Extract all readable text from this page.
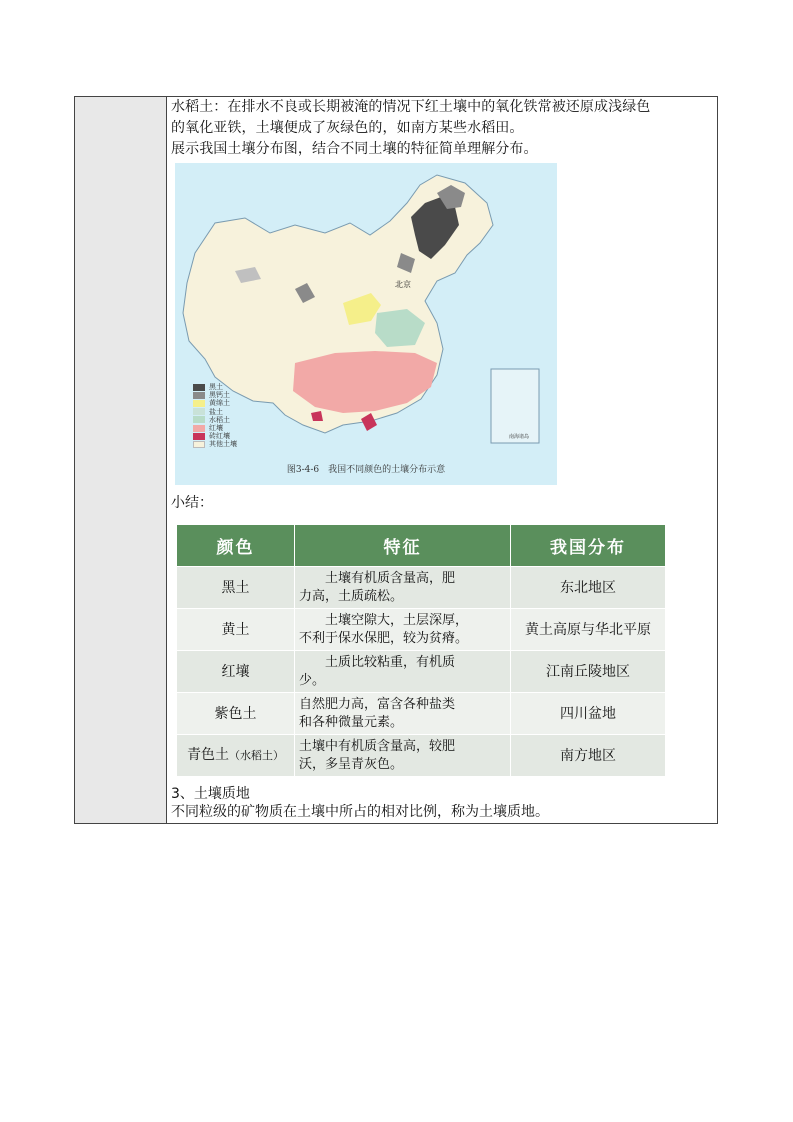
水稻土：在排水不良或长期被淹的情况下红土壤中的氧化铁常被还原成浅绿色

的氧化亚铁，土壤便成了灰绿色的，如南方某些水稻田。

展示我国土壤分布图，结合不同土壤的特征简单理解分布。

北京
南海诸岛
黑土
黑钙土
黄绵土
盐土
水稻土
红壤
砖红壤
其他土壤
图3-4-6　我国不同颜色的土壤分布示意
小结：
颜色	特征	我国分布
黑土	　　土壤有机质含量高，肥
力高，土质疏松。	东北地区
黄土	　　土壤空隙大，土层深厚，
不利于保水保肥，较为贫瘠。	黄土高原与华北平原
红壤	　　土质比较粘重，有机质
少。	江南丘陵地区
紫色土	自然肥力高，富含各种盐类
和各种微量元素。	四川盆地
青色土（水稻土）	土壤中有机质含量高，较肥
沃，多呈青灰色。	南方地区
3、土壤质地
不同粒级的矿物质在土壤中所占的相对比例，称为土壤质地。
